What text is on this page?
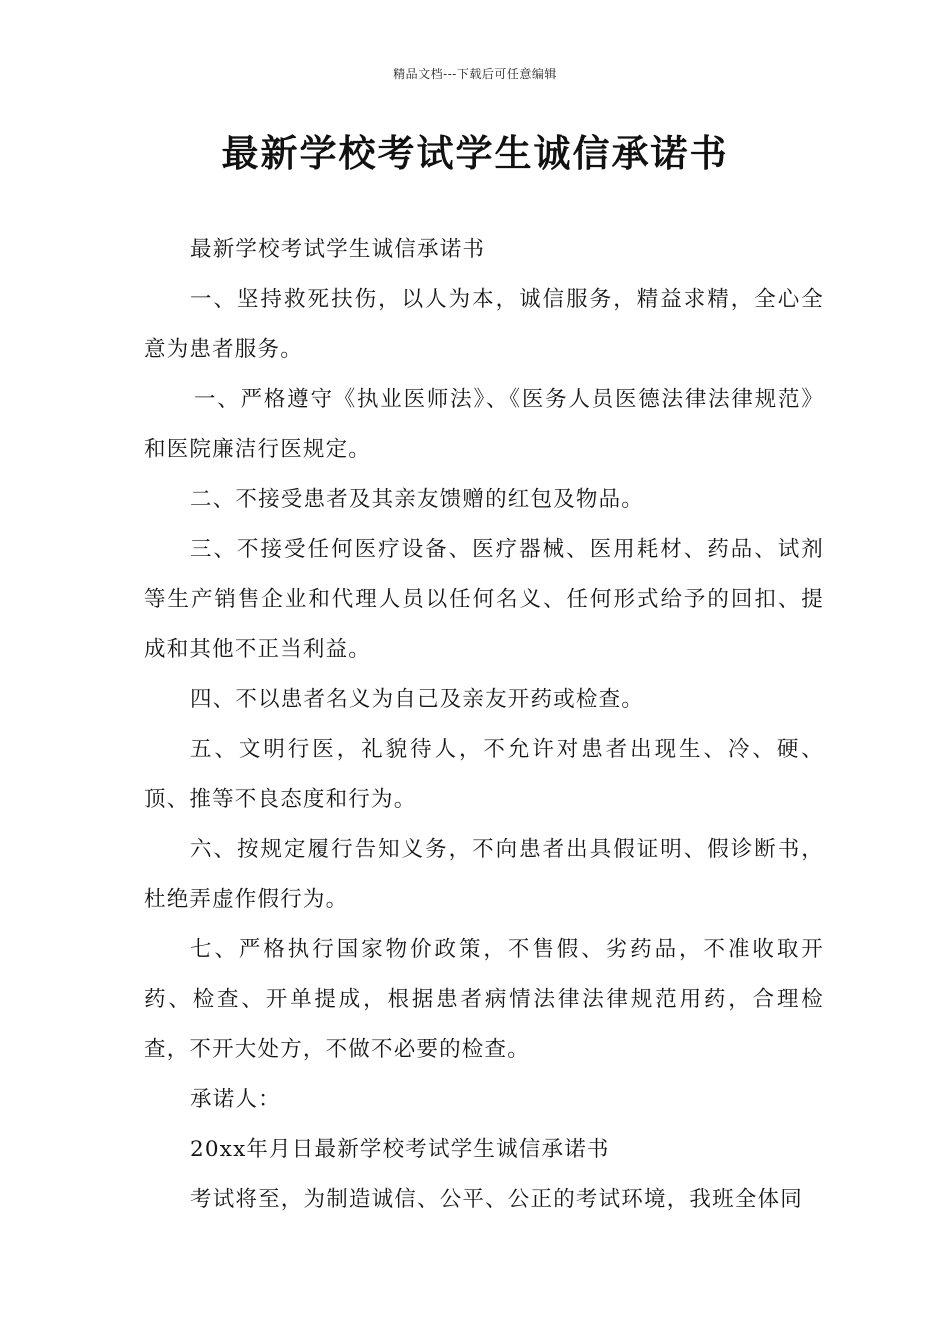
精品文档---下载后可任意编辑
最新学校考试学生诚信承诺书

最新学校考试学生诚信承诺书

一、坚持救死扶伤，以人为本，诚信服务，精益求精，全心全意为患者服务。

一、严格遵守《执业医师法》、《医务人员医德法律法律规范》和医院廉洁行医规定。

二、不接受患者及其亲友馈赠的红包及物品。

三、不接受任何医疗设备、医疗器械、医用耗材、药品、试剂等生产销售企业和代理人员以任何名义、任何形式给予的回扣、提成和其他不正当利益。

四、不以患者名义为自己及亲友开药或检查。

五、文明行医，礼貌待人，不允许对患者出现生、冷、硬、顶、推等不良态度和行为。

六、按规定履行告知义务，不向患者出具假证明、假诊断书，杜绝弄虚作假行为。

七、严格执行国家物价政策，不售假、劣药品，不准收取开药、检查、开单提成，根据患者病情法律法律规范用药，合理检查，不开大处方，不做不必要的检查。

承诺人：

20xx年月日最新学校考试学生诚信承诺书

考试将至，为制造诚信、公平、公正的考试环境，我班全体同
